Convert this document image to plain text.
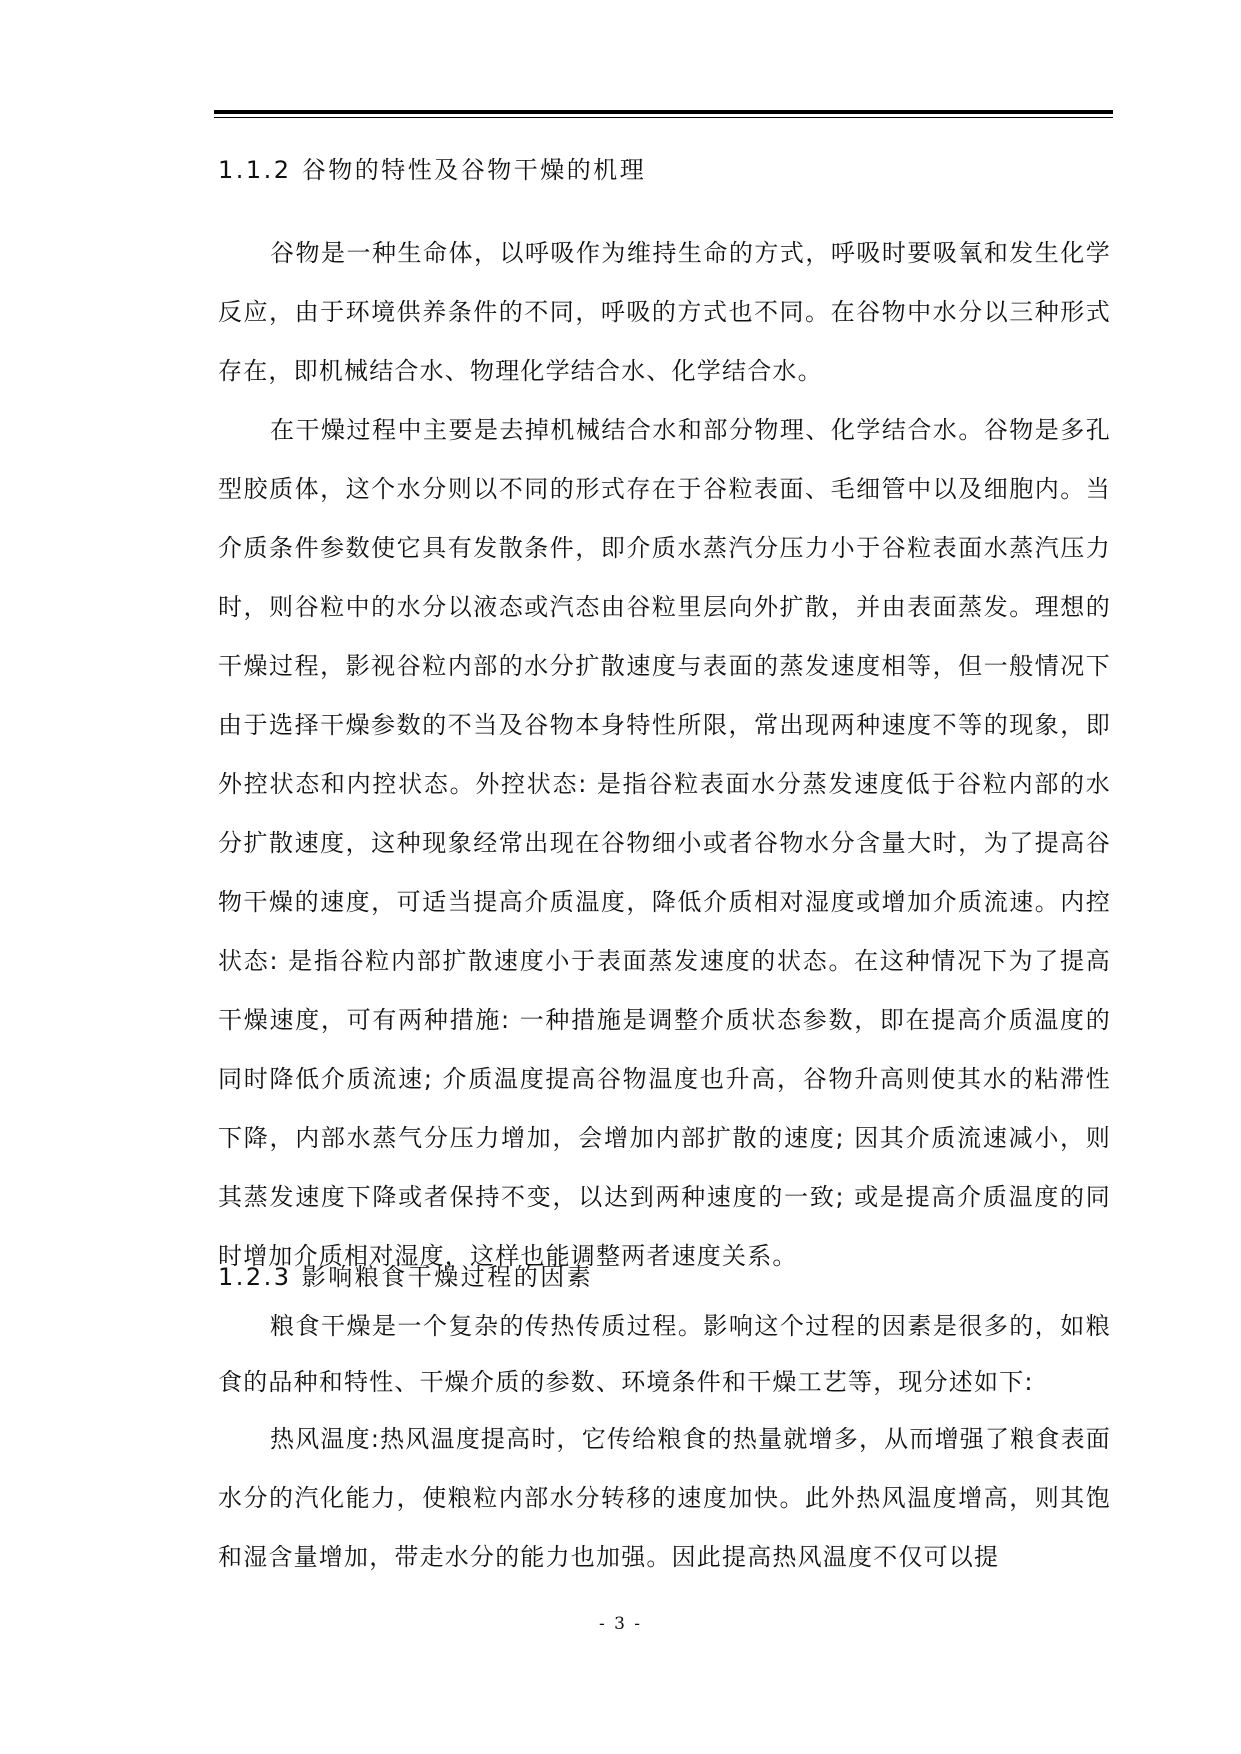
1.1.2 谷物的特性及谷物干燥的机理

谷物是一种生命体，以呼吸作为维持生命的方式，呼吸时要吸氧和发生化学反应，由于环境供养条件的不同，呼吸的方式也不同。在谷物中水分以三种形式存在，即机械结合水、物理化学结合水、化学结合水。

在干燥过程中主要是去掉机械结合水和部分物理、化学结合水。谷物是多孔型胶质体，这个水分则以不同的形式存在于谷粒表面、毛细管中以及细胞内。当介质条件参数使它具有发散条件，即介质水蒸汽分压力小于谷粒表面水蒸汽压力时，则谷粒中的水分以液态或汽态由谷粒里层向外扩散，并由表面蒸发。理想的干燥过程，影视谷粒内部的水分扩散速度与表面的蒸发速度相等，但一般情况下由于选择干燥参数的不当及谷物本身特性所限，常出现两种速度不等的现象，即外控状态和内控状态。外控状态: 是指谷粒表面水分蒸发速度低于谷粒内部的水分扩散速度，这种现象经常出现在谷物细小或者谷物水分含量大时，为了提高谷物干燥的速度，可适当提高介质温度，降低介质相对湿度或增加介质流速。内控状态: 是指谷粒内部扩散速度小于表面蒸发速度的状态。在这种情况下为了提高干燥速度，可有两种措施: 一种措施是调整介质状态参数，即在提高介质温度的同时降低介质流速; 介质温度提高谷物温度也升高，谷物升高则使其水的粘滞性下降，内部水蒸气分压力增加，会增加内部扩散的速度; 因其介质流速减小，则其蒸发速度下降或者保持不变，以达到两种速度的一致; 或是提高介质温度的同时增加介质相对湿度，这样也能调整两者速度关系。

1.2.3 影响粮食干燥过程的因素

粮食干燥是一个复杂的传热传质过程。影响这个过程的因素是很多的，如粮食的品种和特性、干燥介质的参数、环境条件和干燥工艺等，现分述如下:

热风温度:热风温度提高时，它传给粮食的热量就增多，从而增强了粮食表面水分的汽化能力，使粮粒内部水分转移的速度加快。此外热风温度增高，则其饱和湿含量增加，带走水分的能力也加强。因此提高热风温度不仅可以提

- 3 -
